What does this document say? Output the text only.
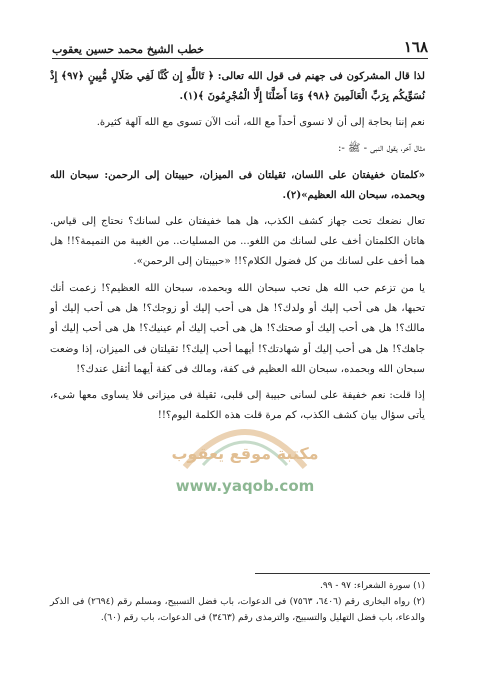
١٦٨
خطب الشيخ محمد حسين يعقوب

لذا قال المشركون فى جهنم فى قول الله تعالى: ﴿ تَاللَّهِ إِن كُنَّا لَفِي ضَلَالٍ مُّبِينٍ ﴿٩٧﴾ إِذْ نُسَوِّيكُم بِرَبِّ الْعَالَمِينَ ﴿٩٨﴾ وَمَا أَضَلَّنَا إِلَّا الْمُجْرِمُونَ ﴾(١).

نعم إننا بحاجة إلى أن لا نسوى أحداً مع الله، أنت الآن تسوى مع الله آلهة كثيرة.

مثال آخر، يقول النبى - ﷺ -:

«كلمتان خفيفتان على اللسان، ثقيلتان فى الميزان، حبيبتان إلى الرحمن: سبحان الله وبحمده، سبحان الله العظيم»(٢).

تعال نضعك تحت جهاز كشف الكذب، هل هما خفيفتان على لسانك؟ نحتاج إلى قياس. هاتان الكلمتان أخف على لسانك من اللغو... من المسليات.. من الغيبة من النميمة؟!! هل هما أخف على لسانك من كل فضول الكلام؟!! «حبيبتان إلى الرحمن».

يا من تزعم حب الله هل تحب سبحان الله وبحمده، سبحان الله العظيم؟! زعمت أنك تحبها، هل هى أحب إليك أو ولدك؟! هل هى أحب إليك أو زوجك؟! هل هى أحب إليك أو مالك؟! هل هى أحب إليك أو صحتك؟! هل هى أحب إليك أم عينيك؟! هل هى أحب إليك أو جاهك؟! هل هى أحب إليك أو شهادتك؟! أيهما أحب إليك؟! ثقيلتان فى الميزان، إذا وضعت سبحان الله وبحمده، سبحان الله العظيم فى كفة، ومالك فى كفة أيهما أثقل عندك؟!

إذا قلت: نعم خفيفة على لسانى حبيبة إلى قلبى، ثقيلة فى ميزانى فلا يساوى معها شىء، يأتى سؤال بيان كشف الكذب، كم مرة قلت هذه الكلمة اليوم؟!!

مكتبة موقع يعقوب
www.yaqob.com

(١) سورة الشعراء: ٩٧ - ٩٩.

(٢) رواه البخارى رقم (٦٤٠٦، ٧٥٦٣) فى الدعوات، باب فضل التسبيح، ومسلم رقم (٢٦٩٤) فى الذكر والدعاء، باب فضل التهليل والتسبيح، والترمذى رقم (٣٤٦٣) فى الدعوات، باب رقم (٦٠).
